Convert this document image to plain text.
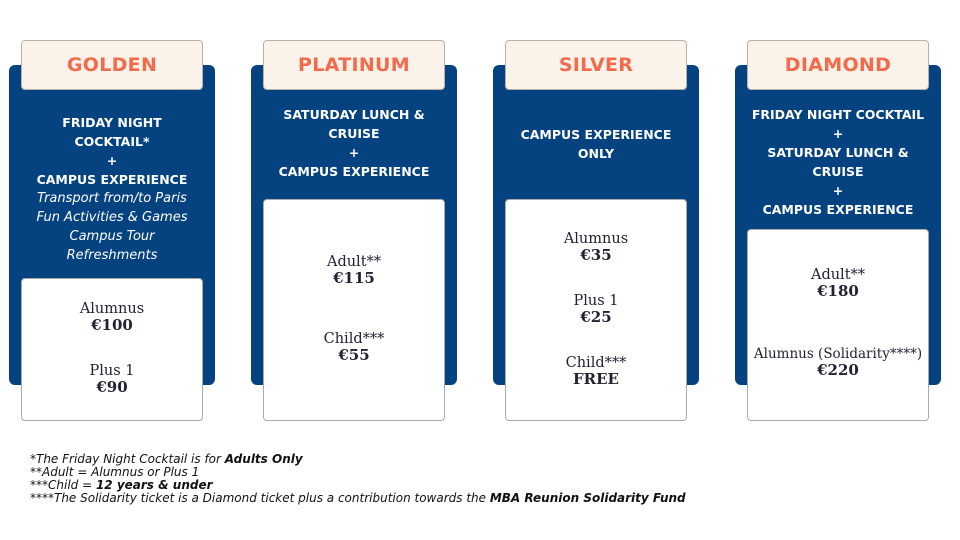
GOLDEN
FRIDAY NIGHT COCKTAIL*
+
CAMPUS EXPERIENCE
Transport from/to Paris
Fun Activities & Games
Campus Tour
Refreshments
Alumnus
€100
Plus 1
€90
PLATINUM
SATURDAY LUNCH & CRUISE
+
CAMPUS EXPERIENCE
Adult**
€115
Child***
€55
SILVER
CAMPUS EXPERIENCE ONLY
Alumnus
€35
Plus 1
€25
Child***
FREE
DIAMOND
FRIDAY NIGHT COCKTAIL
+
SATURDAY LUNCH & CRUISE
+
CAMPUS EXPERIENCE
Adult**
€180
Alumnus (Solidarity****)
€220
*The Friday Night Cocktail is for Adults Only
**Adult = Alumnus or Plus 1
***Child = 12 years & under
****The Solidarity ticket is a Diamond ticket plus a contribution towards the MBA Reunion Solidarity Fund
